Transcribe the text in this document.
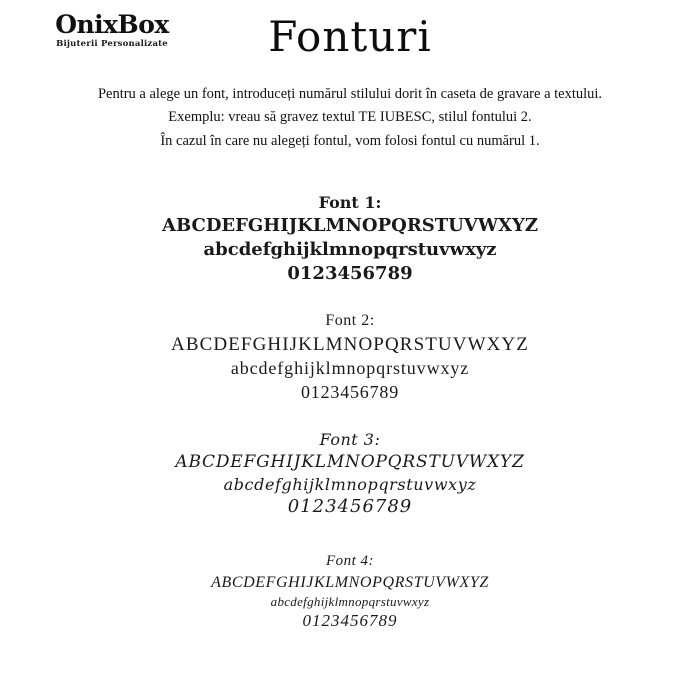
OnixBox
Bijuterii Personalizate	Fonturi
Pentru a alege un font, introduceți numărul stilului dorit în caseta de gravare a textului.
Exemplu: vreau să gravez textul TE IUBESC, stilul fontului 2.
În cazul în care nu alegeți fontul, vom folosi fontul cu numărul 1.
Font 1:
ABCDEFGHIJKLMNOPQRSTUVWXYZ
abcdefghijklmnopqrstuvwxyz
0123456789
Font 2:
ABCDEFGHIJKLMNOPQRSTUVWXYZ
abcdefghijklmnopqrstuvwxyz
0123456789
Font 3:
ABCDEFGHIJKLMNOPQRSTUVWXYZ
abcdefghijklmnopqrstuvwxyz
0123456789
Font 4:
ABCDEFGHIJKLMNOPQRSTUVWXYZ
abcdefghijklmnopqrstuvwxyz
0123456789
